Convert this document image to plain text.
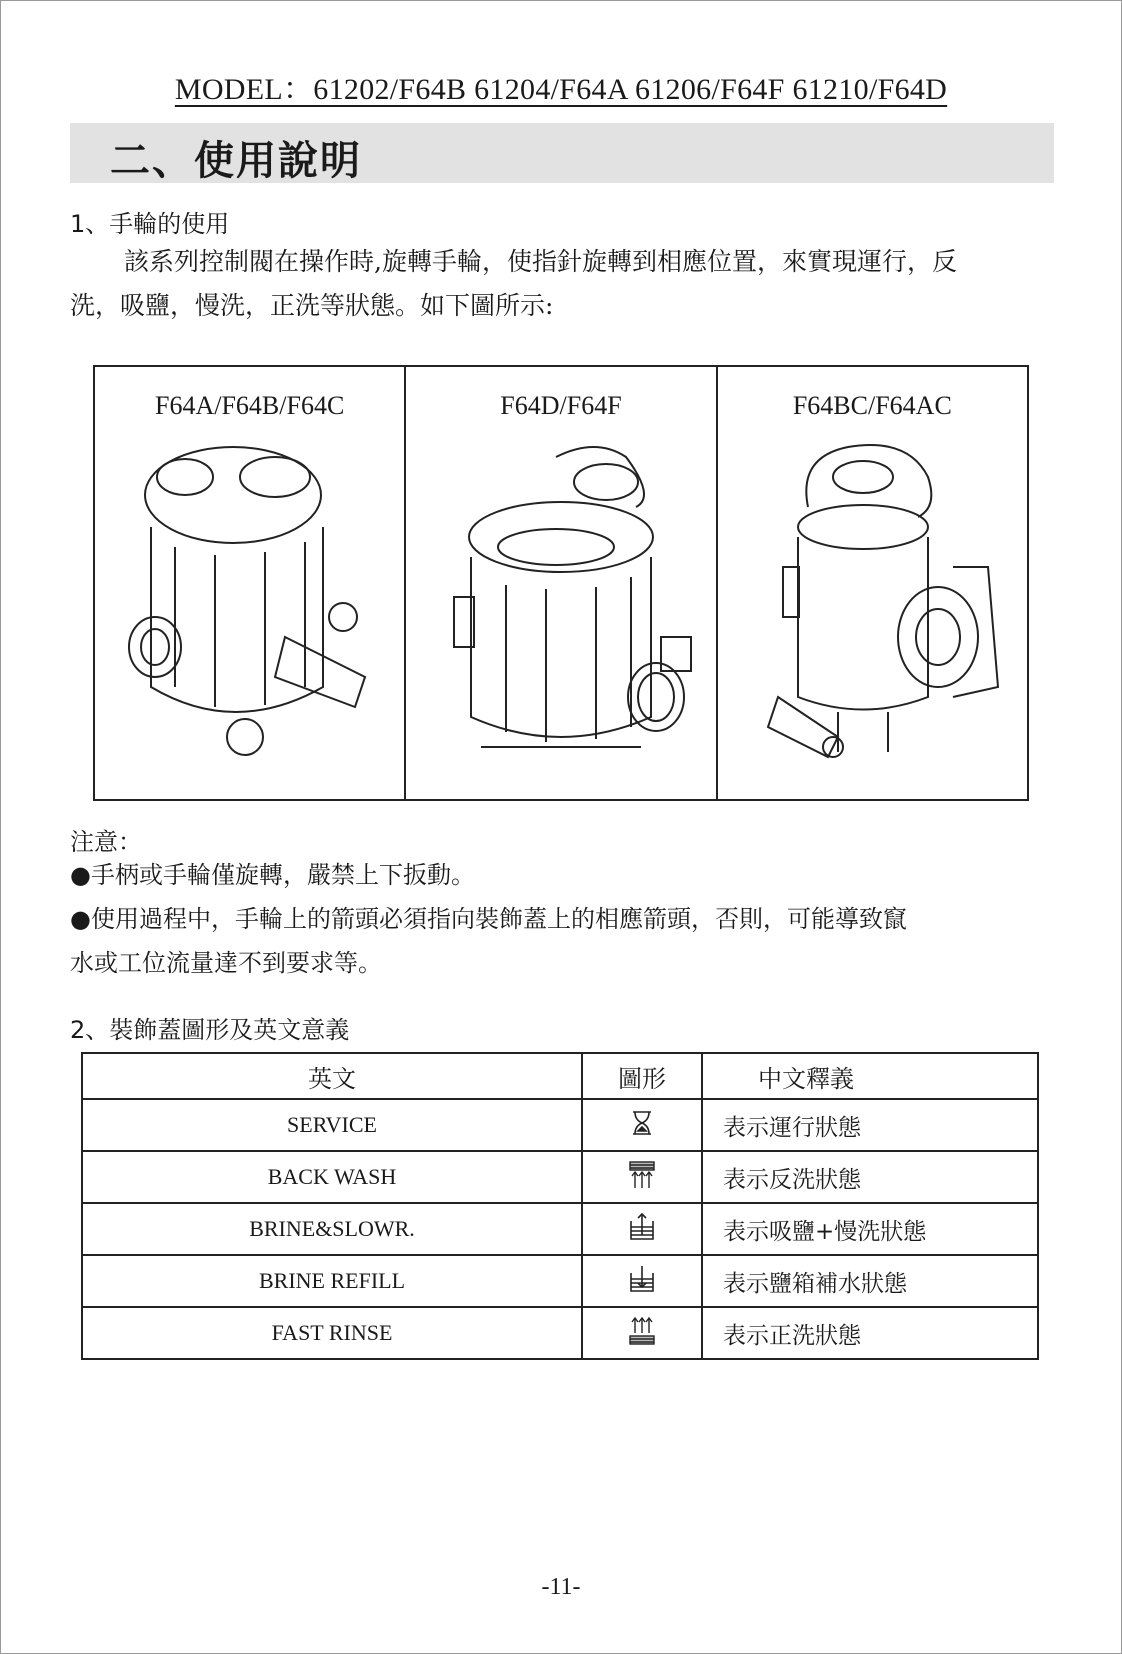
MODEL：61202/F64B 61204/F64A 61206/F64F 61210/F64D
二、使用說明
1、手輪的使用
該系列控制閥在操作時,旋轉手輪，使指針旋轉到相應位置，來實現運行，反
洗，吸鹽，慢洗，正洗等狀態。如下圖所示:
F64A/F64B/F64C	F64D/F64F	F64BC/F64AC
注意：
●手柄或手輪僅旋轉，嚴禁上下扳動。
●使用過程中，手輪上的箭頭必須指向裝飾蓋上的相應箭頭，否則，可能導致竄
水或工位流量達不到要求等。
2、裝飾蓋圖形及英文意義
英文	圖形	中文釋義
SERVICE		表示運行狀態
BACK WASH		表示反洗狀態
BRINE&SLOWR.		表示吸鹽+慢洗狀態
BRINE REFILL		表示鹽箱補水狀態
FAST RINSE		表示正洗狀態
-11-
